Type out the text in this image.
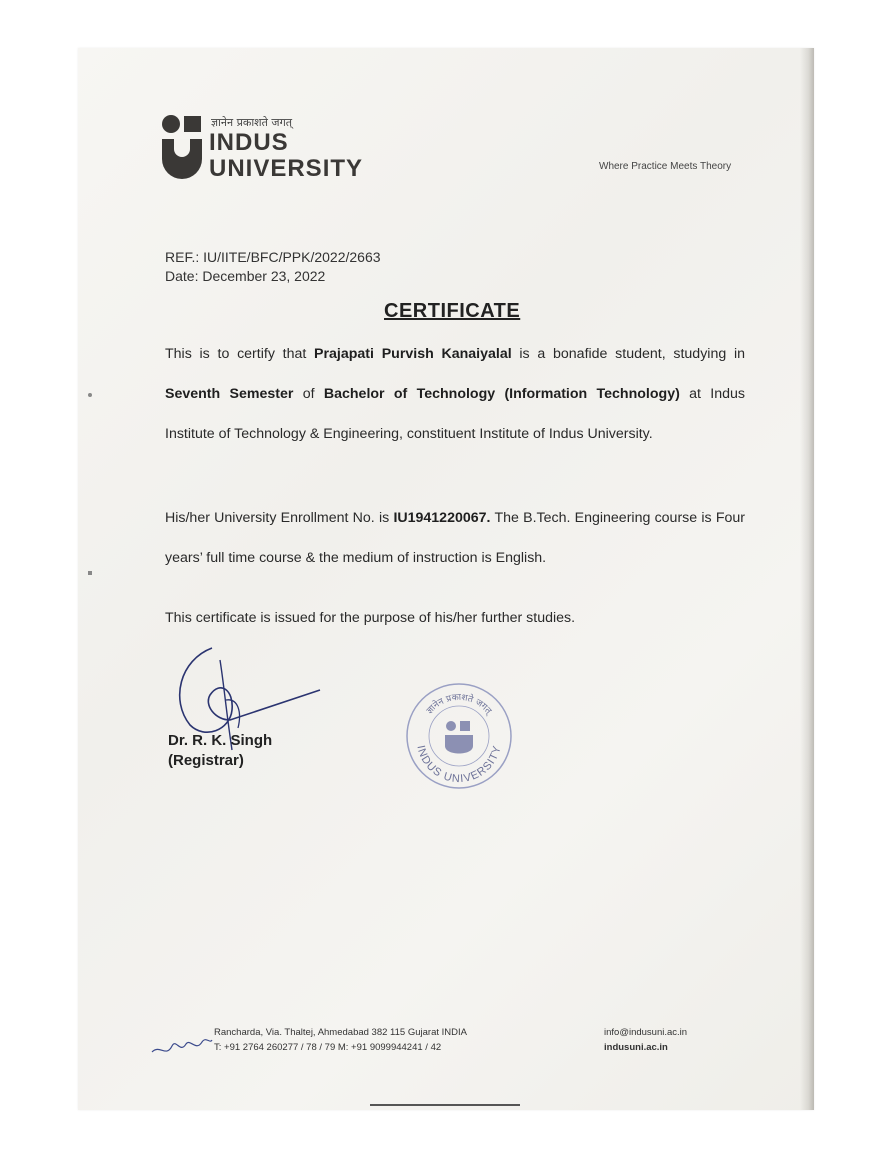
ज्ञानेन प्रकाशते जगत्
INDUS
UNIVERSITY	Where Practice Meets Theory
REF.: IU/IITE/BFC/PPK/2022/2663
Date: December 23, 2022
CERTIFICATE
This is to certify that Prajapati Purvish Kanaiyalal is a bonafide student, studying in Seventh Semester of Bachelor of Technology (Information Technology) at Indus Institute of Technology & Engineering, constituent Institute of Indus University.
His/her University Enrollment No. is IU1941220067. The B.Tech. Engineering course is Four years’ full time course & the medium of instruction is English.
This certificate is issued for the purpose of his/her further studies.
Dr. R. K. Singh
(Registrar)
ज्ञानेन प्रकाशते जगत्
INDUS UNIVERSITY
Rancharda, Via. Thaltej, Ahmedabad 382 115 Gujarat INDIA
T: +91 2764 260277 / 78 / 79 M: +91 9099944241 / 42
info@indusuni.ac.in
indusuni.ac.in
